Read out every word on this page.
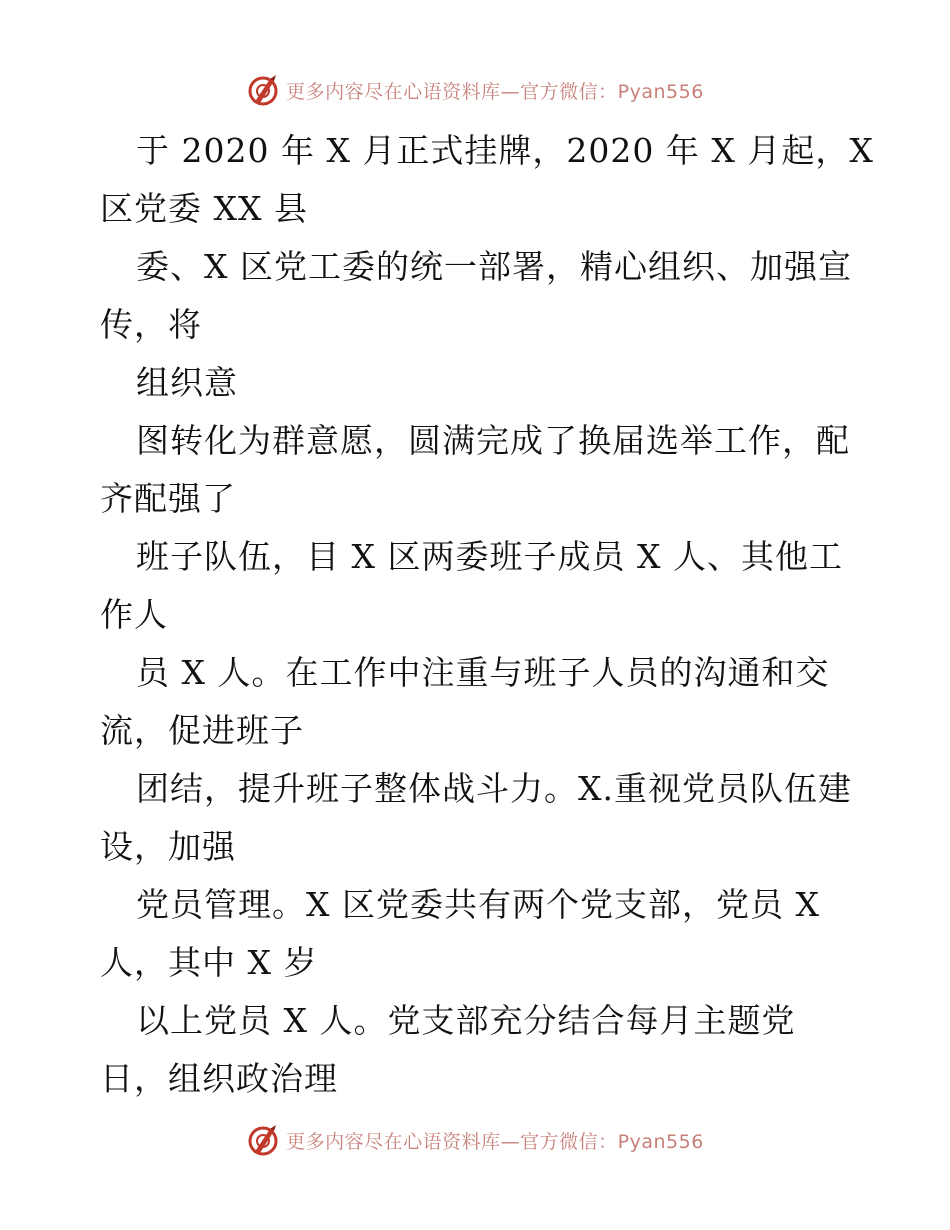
更多内容尽在心语资料库—官方微信：Pyan556
于 2020 年 X 月正式挂牌，2020 年 X 月起，X
区党委 XX 县
委、X 区党工委的统一部署，精心组织、加强宣
传，将
组织意
图转化为群意愿，圆满完成了换届选举工作，配
齐配强了
班子队伍，目 X 区两委班子成员 X 人、其他工
作人
员 X 人。在工作中注重与班子人员的沟通和交
流，促进班子
团结，提升班子整体战斗力。X.重视党员队伍建
设，加强
党员管理。X 区党委共有两个党支部，党员 X
人，其中 X 岁
以上党员 X 人。党支部充分结合每月主题党
日，组织政治理
更多内容尽在心语资料库—官方微信：Pyan556
